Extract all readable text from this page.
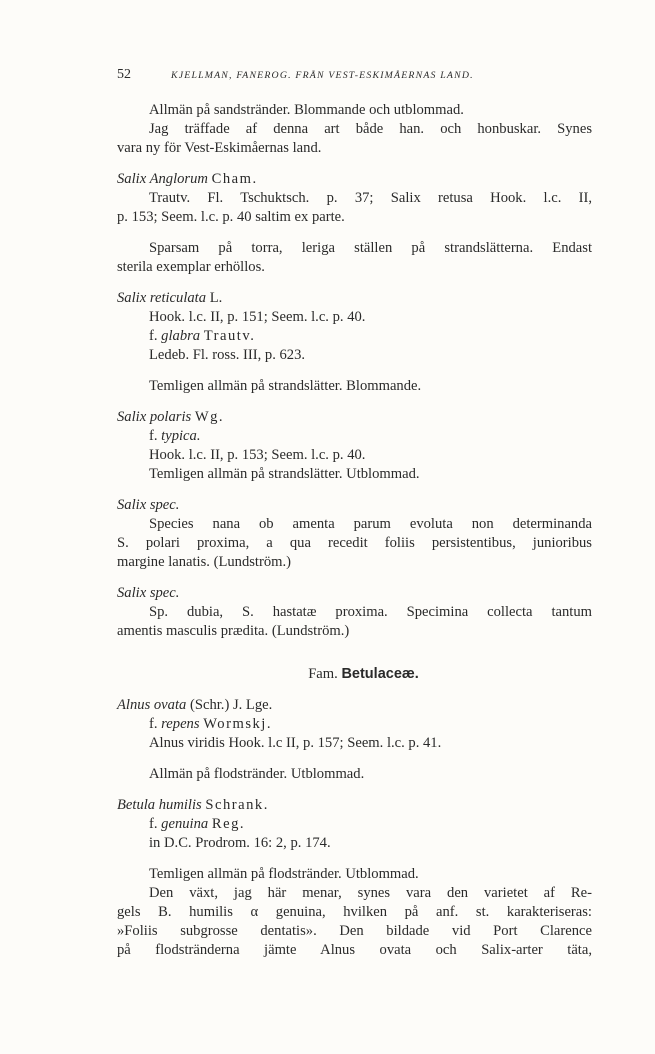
52	KJELLMAN, FANEROG. FRÅN VEST-ESKIMÅERNAS LAND.
Allmän på sandstränder. Blommande och utblommad.
Jag träffade af denna art både han. och honbuskar. Synes
vara ny för Vest-Eskimåernas land.
Salix Anglorum Cham.
Trautv. Fl. Tschuktsch. p. 37; Salix retusa Hook. l.c. II,
p. 153; Seem. l.c. p. 40 saltim ex parte.
Sparsam på torra, leriga ställen på strandslätterna. Endast
sterila exemplar erhöllos.
Salix reticulata L.
Hook. l.c. II, p. 151; Seem. l.c. p. 40.
f. glabra Trautv.
Ledeb. Fl. ross. III, p. 623.
Temligen allmän på strandslätter. Blommande.
Salix polaris Wg.
f. typica.
Hook. l.c. II, p. 153; Seem. l.c. p. 40.
Temligen allmän på strandslätter. Utblommad.
Salix spec.
Species nana ob amenta parum evoluta non determinanda
S. polari proxima, a qua recedit foliis persistentibus, junioribus
margine lanatis. (Lundström.)
Salix spec.
Sp. dubia, S. hastatæ proxima. Specimina collecta tantum
amentis masculis prædita. (Lundström.)
Fam. Betulaceæ.
Alnus ovata (Schr.) J. Lge.
f. repens Wormskj.
Alnus viridis Hook. l.c II, p. 157; Seem. l.c. p. 41.
Allmän på flodstränder. Utblommad.
Betula humilis Schrank.
f. genuina Reg.
in D.C. Prodrom. 16: 2, p. 174.
Temligen allmän på flodstränder. Utblommad.
Den växt, jag här menar, synes vara den varietet af Re-
gels B. humilis α genuina, hvilken på anf. st. karakteriseras:
»Foliis subgrosse dentatis». Den bildade vid Port Clarence
på flodstränderna jämte Alnus ovata och Salix-arter täta,
